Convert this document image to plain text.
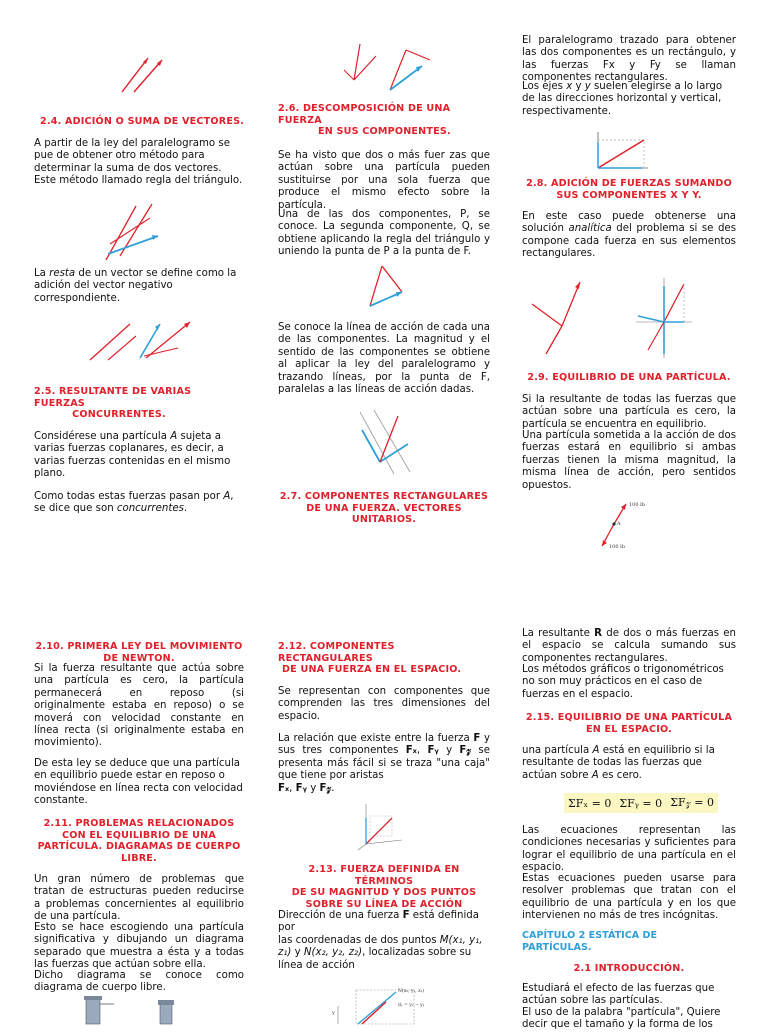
2.4. ADICIÓN O SUMA DE VECTORES.

A partir de la ley del paralelogramo se pue de obtener otro método para determinar la suma de dos vectores. Este método llamado regla del triángulo.

La resta de un vector se define como la adición del vector negativo correspondiente.

2.5. RESULTANTE DE VARIAS FUERZAS
CONCURRENTES.

Considérese una partícula A sujeta a varias fuerzas coplanares, es decir, a varias fuerzas contenidas en el mismo plano.

Como todas estas fuerzas pasan por A, se dice que son concurrentes.

2.6. DESCOMPOSICIÓN DE UNA FUERZA
EN SUS COMPONENTES.

Se ha visto que dos o más fuer zas que actúan sobre una partícula pueden sustituirse por una sola fuerza que produce el mismo efecto sobre la partícula.

Una de las dos componentes, P, se conoce. La segunda componente, Q, se obtiene aplicando la regla del triángulo y uniendo la punta de P a la punta de F.

Se conoce la línea de acción de cada una de las componentes. La magnitud y el sentido de las componentes se obtiene al aplicar la ley del paralelogramo y trazando líneas, por la punta de F, paralelas a las líneas de acción dadas.

2.7. COMPONENTES RECTANGULARES
DE UNA FUERZA. VECTORES
UNITARIOS.

El paralelogramo trazado para obtener las dos componentes es un rectángulo, y las fuerzas Fx y Fy se llaman componentes rectangulares.

Los ejes x y y suelen elegirse a lo largo de las direcciones horizontal y vertical, respectivamente.

2.8. ADICIÓN DE FUERZAS SUMANDO
SUS COMPONENTES X Y Y.

En este caso puede obtenerse una solución analítica del problema si se des compone cada fuerza en sus elementos rectangulares.

2.9. EQUILIBRIO DE UNA PARTÍCULA.

Si la resultante de todas las fuerzas que actúan sobre una partícula es cero, la partícula se encuentra en equilibrio.

Una partícula sometida a la acción de dos fuerzas estará en equilibrio si ambas fuerzas tienen la misma magnitud, la misma línea de acción, pero sentidos opuestos.

100 lb
100 lb
A
2.10. PRIMERA LEY DEL MOVIMIENTO
DE NEWTON.

Si la fuerza resultante que actúa sobre una partícula es cero, la partícula permanecerá en reposo (si originalmente estaba en reposo) o se moverá con velocidad constante en línea recta (si originalmente estaba en movimiento).

De esta ley se deduce que una partícula en equilibrio puede estar en reposo o moviéndose en línea recta con velocidad constante.

2.11. PROBLEMAS RELACIONADOS
CON EL EQUILIBRIO DE UNA
PARTÍCULA. DIAGRAMAS DE CUERPO
LIBRE.

Un gran número de problemas que tratan de estructuras pueden reducirse a problemas concernientes al equilibrio de una partícula.

Esto se hace escogiendo una partícula significativa y dibujando un diagrama separado que muestra a ésta y a todas las fuerzas que actúan sobre ella.

Dicho diagrama se conoce como diagrama de cuerpo libre.

2.12. COMPONENTES RECTANGULARES
DE UNA FUERZA EN EL ESPACIO.

Se representan con componentes que comprenden las tres dimensiones del espacio.

La relación que existe entre la fuerza F y sus tres componentes Fₓ, Fᵧ y F𝓏 se presenta más fácil si se traza "una caja" que tiene por aristas
Fₓ, Fᵧ y F𝓏.

2.13. FUERZA DEFINIDA EN TÉRMINOS
DE SU MAGNITUD Y DOS PUNTOS
SOBRE SU LÍNEA DE ACCIÓN

Dirección de una fuerza F está definida por
las coordenadas de dos puntos M(x₁, y₁, z₁) y N(x₂, y₂, z₂), localizadas sobre su línea de acción

N(x₂, y₂, z₂)
dᵧ = y₂ − y₁
y

La resultante R de dos o más fuerzas en el espacio se calcula sumando sus componentes rectangulares.

Los métodos gráficos o trigonométricos no son muy prácticos en el caso de fuerzas en el espacio.

2.15. EQUILIBRIO DE UNA PARTÍCULA
EN EL ESPACIO.

una partícula A está en equilibrio si la resultante de todas las fuerzas que actúan sobre A es cero.

ΣFₓ = 0 ΣFᵧ = 0 ΣF𝓏 = 0

Las ecuaciones representan las condiciones necesarias y suficientes para lograr el equilibrio de una partícula en el espacio.

Estas ecuaciones pueden usarse para resolver problemas que tratan con el equilibrio de una partícula y en los que intervienen no más de tres incógnitas.

CAPÍTULO 2 ESTÁTICA DE
PARTÍCULAS.
2.1 INTRODUCCIÓN.

Estudiará el efecto de las fuerzas que actúan sobre las partículas.

El uso de la palabra "partícula", Quiere decir que el tamaño y la forma de los
